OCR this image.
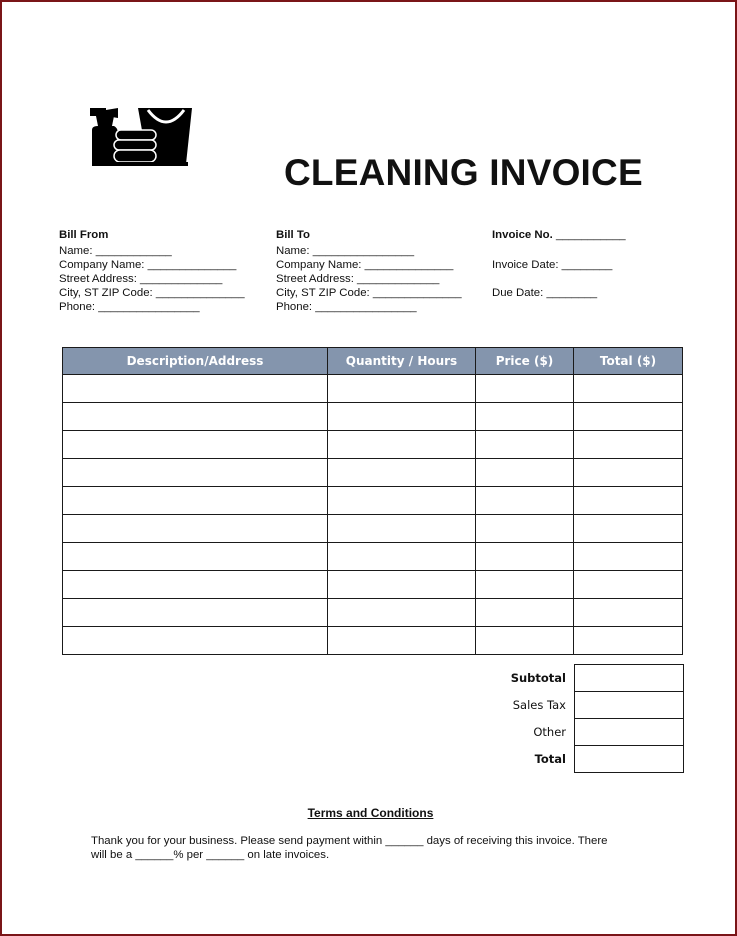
CLEANING INVOICE
Bill From
Name: ____________
Company Name: ______________
Street Address: _____________
City, ST ZIP Code: ______________
Phone: ________________
Bill To
Name: ________________
Company Name: ______________
Street Address: _____________
City, ST ZIP Code: ______________
Phone: ________________
Invoice No. ___________
Invoice Date: ________
Due Date: ________
Description/Address	Quantity / Hours	Price ($)	Total ($)

Subtotal	
Sales Tax	
Other	
Total	
Terms and Conditions
Thank you for your business. Please send payment within ______ days of receiving this invoice. There
will be a ______% per ______ on late invoices.
